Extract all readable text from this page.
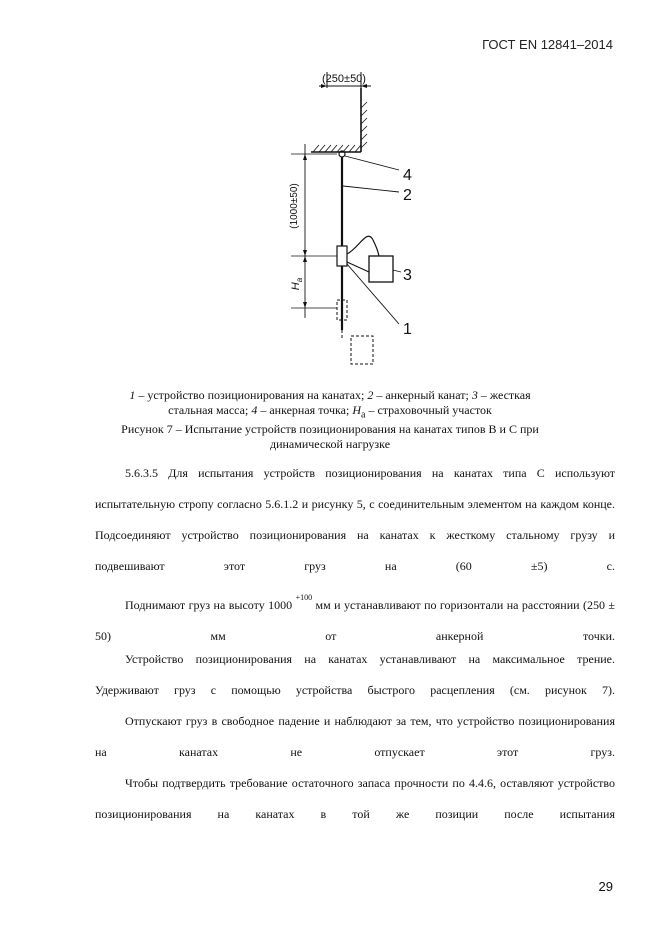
ГОСТ EN 12841–2014
(250±50)
(1000±50)
$H_a$
4
2
3
1
1 – устройство позиционирования на канатах; 2 – анкерный канат; 3 – жесткая
стальная масса; 4 – анкерная точка; $H_a$ – страховочный участок
Рисунок 7 – Испытание устройств позиционирования на канатах типов B и C при динамической нагрузке
5.6.3.5 Для испытания устройств позиционирования на канатах типа С используют испытательную стропу согласно 5.6.1.2 и рисунку 5, с соединительным элементом на каждом конце. Подсоединяют устройство позиционирования на канатах к жесткому стальному грузу и подвешивают этот груз на (60 ±5) с.
Поднимают груз на высоту 1000 $^{+100}$ мм и устанавливают по горизонтали на расстоянии (250 ± 50) мм от анкерной точки.
Устройство позиционирования на канатах устанавливают на максимальное трение. Удерживают груз с помощью устройства быстрого расцепления (см. рисунок 7).
Отпускают груз в свободное падение и наблюдают за тем, что устройство позиционирования на канатах не отпускает этот груз.
Чтобы подтвердить требование остаточного запаса прочности по 4.4.6, оставляют устройство позиционирования на канатах в той же позиции после испытания
29
